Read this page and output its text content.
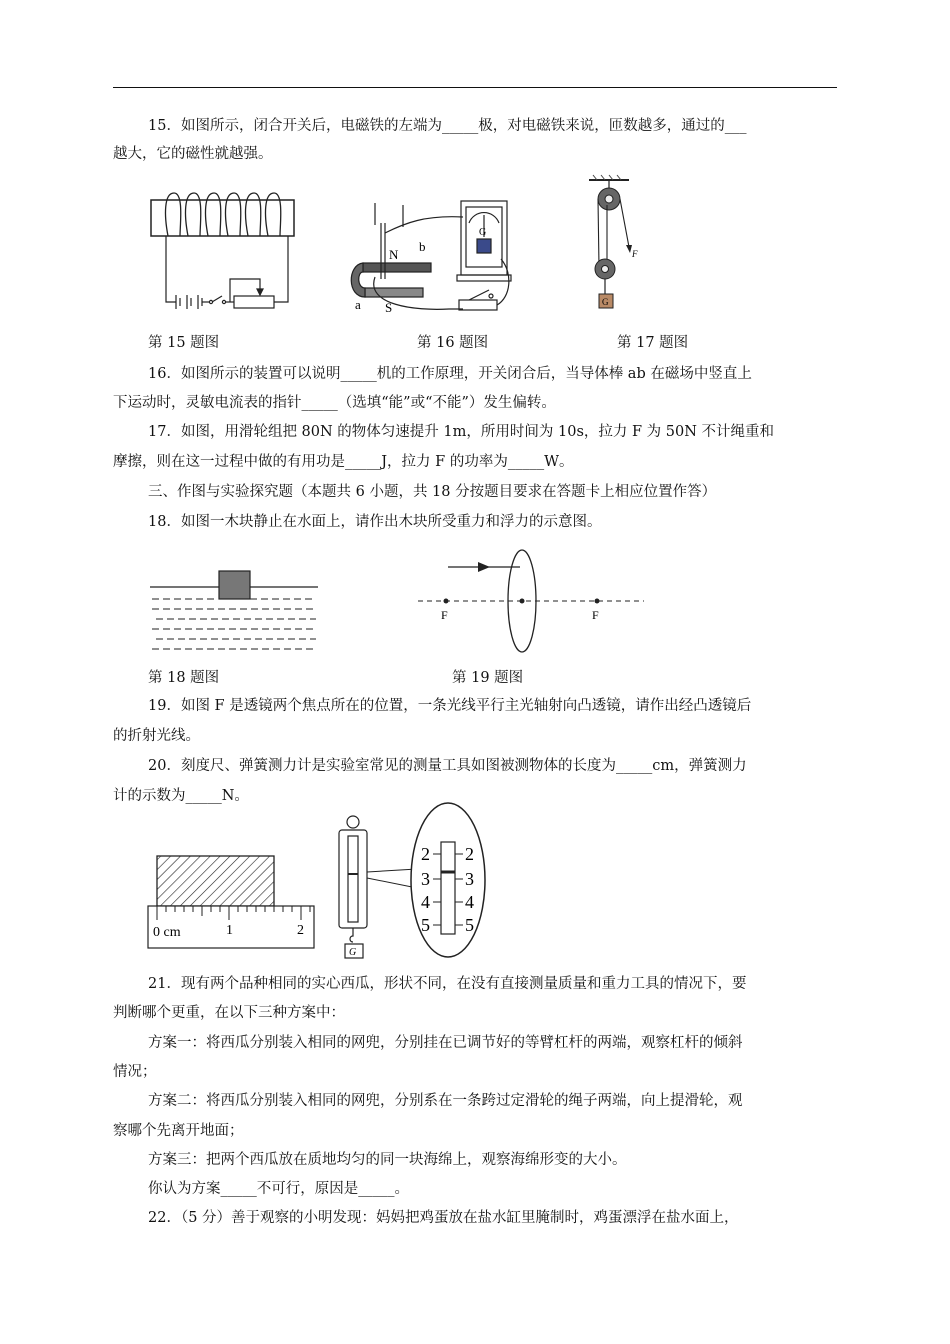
15．如图所示，闭合开关后，电磁铁的左端为_____极，对电磁铁来说，匝数越多，通过的___
越大，它的磁性就越强。
N
S
a
b
G
F
G
第 15 题图	第 16 题图	第 17 题图
16．如图所示的装置可以说明_____机的工作原理，开关闭合后，当导体棒 ab 在磁场中竖直上
下运动时，灵敏电流表的指针_____（选填“能”或“不能”）发生偏转。
17．如图，用滑轮组把 80N 的物体匀速提升 1m，所用时间为 10s，拉力 F 为 50N 不计绳重和
摩擦，则在这一过程中做的有用功是_____J，拉力 F 的功率为_____W。
三、作图与实验探究题（本题共 6 小题，共 18 分按题目要求在答题卡上相应位置作答）
18．如图一木块静止在水面上，请作出木块所受重力和浮力的示意图。
F	F
第 18 题图	第 19 题图
19．如图 F 是透镜两个焦点所在的位置，一条光线平行主光轴射向凸透镜，请作出经凸透镜后
的折射光线。
20．刻度尺、弹簧测力计是实验室常见的测量工具如图被测物体的长度为_____cm，弹簧测力
计的示数为_____N。
0 cm	1	2
G
2
3
4
5
2
3
4
5
21．现有两个品种相同的实心西瓜，形状不同，在没有直接测量质量和重力工具的情况下，要
判断哪个更重，在以下三种方案中：
方案一：将西瓜分别装入相同的网兜，分别挂在已调节好的等臂杠杆的两端，观察杠杆的倾斜
情况；
方案二：将西瓜分别装入相同的网兜，分别系在一条跨过定滑轮的绳子两端，向上提滑轮，观
察哪个先离开地面；
方案三：把两个西瓜放在质地均匀的同一块海绵上，观察海绵形变的大小。
你认为方案_____不可行，原因是_____。
22．（5 分）善于观察的小明发现：妈妈把鸡蛋放在盐水缸里腌制时，鸡蛋漂浮在盐水面上，
